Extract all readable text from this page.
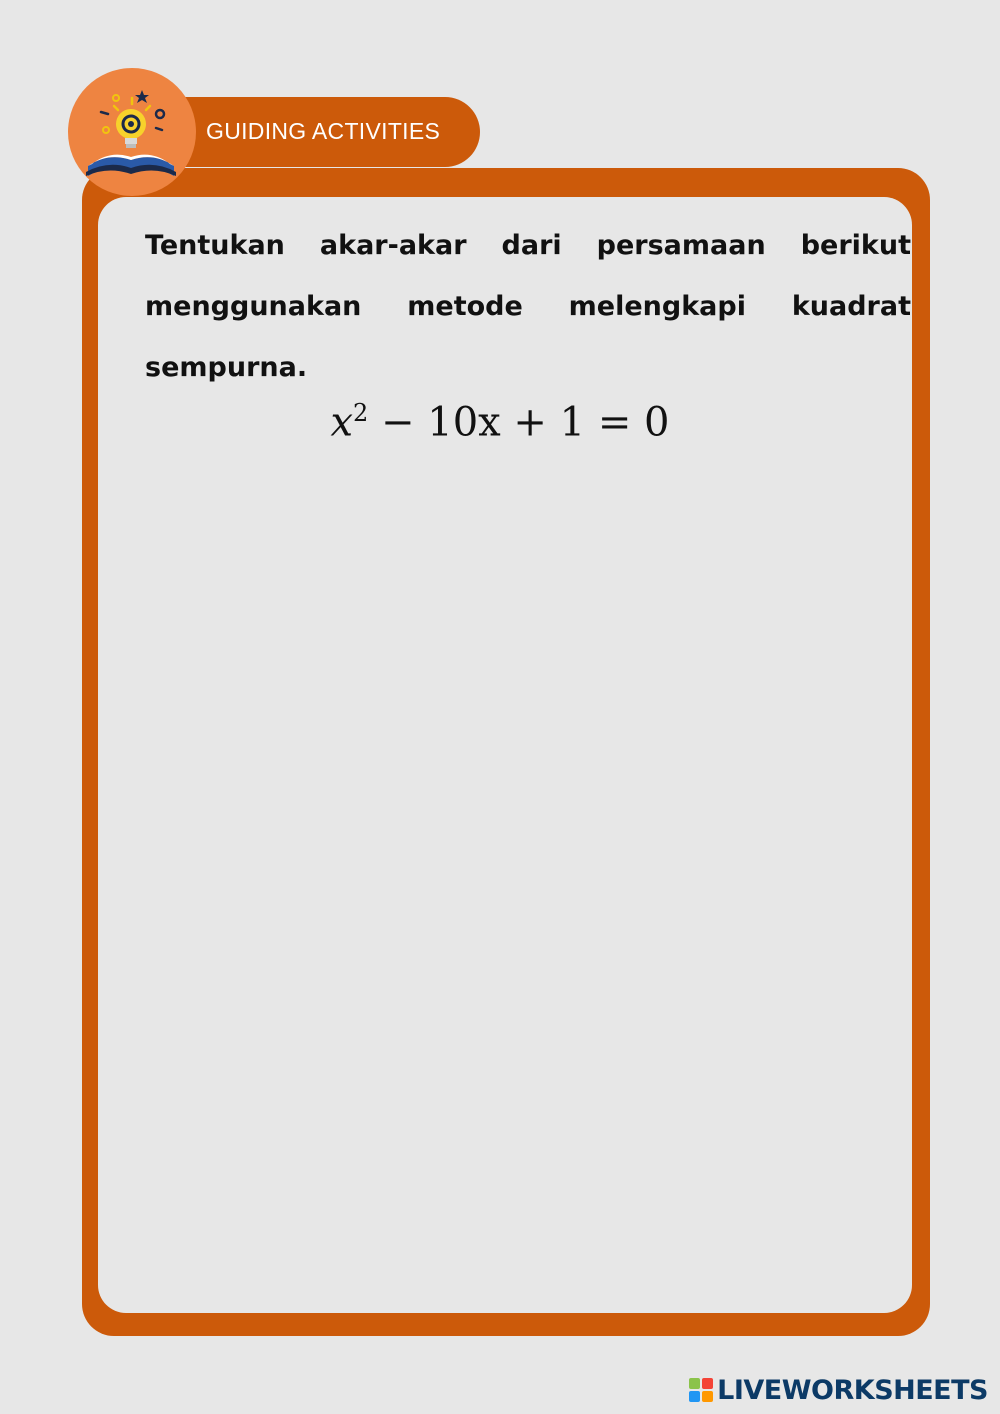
GUIDING ACTIVITIES

Tentukan akar-akar dari persamaan berikut menggunakan metode melengkapi kuadrat sempurna.

$x^2 - 10x + 1 = 0$
LIVEWORKSHEETS
